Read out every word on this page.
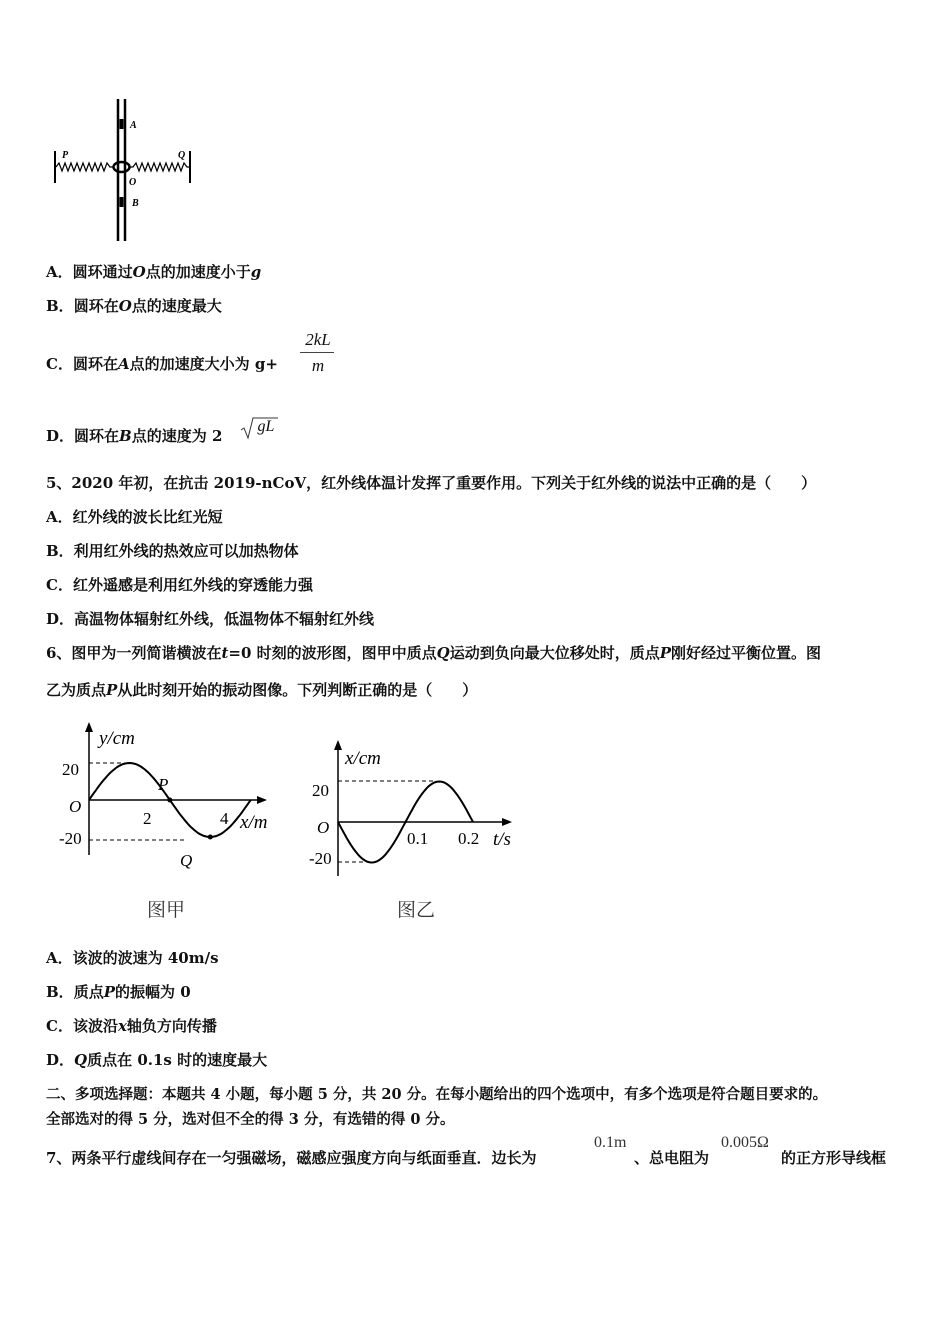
A
B
O
P	Q
A．圆环通过O点的加速度小于g
B．圆环在O点的速度最大
C．圆环在A点的加速度大小为 g+
2kL
m
D．圆环在B点的速度为 2
gL
5、2020 年初，在抗击 2019-nCoV，红外线体温计发挥了重要作用。下列关于红外线的说法中正确的是（　　）
A．红外线的波长比红光短
B．利用红外线的热效应可以加热物体
C．红外遥感是利用红外线的穿透能力强
D．高温物体辐射红外线，低温物体不辐射红外线
6、图甲为一列简谐横波在t=0 时刻的波形图，图甲中质点Q运动到负向最大位移处时，质点P刚好经过平衡位置。图
乙为质点P从此时刻开始的振动图像。下列判断正确的是（　　）
y/cm
x/m
O
20
-20
2	4
P
Q
图甲
x/cm
t/s
O
20
-20
0.1 0.2
图乙
A．该波的波速为 40m/s
B．质点P的振幅为 0
C．该波沿x轴负方向传播
D．Q质点在 0.1s 时的速度最大
二、多项选择题：本题共 4 小题，每小题 5 分，共 20 分。在每小题给出的四个选项中，有多个选项是符合题目要求的。
全部选对的得 5 分，选对但不全的得 3 分，有选错的得 0 分。
7、两条平行虚线间存在一匀强磁场，磁感应强度方向与纸面垂直．边长为
0.1m
、总电阻为
0.005Ω
的正方形导线框
